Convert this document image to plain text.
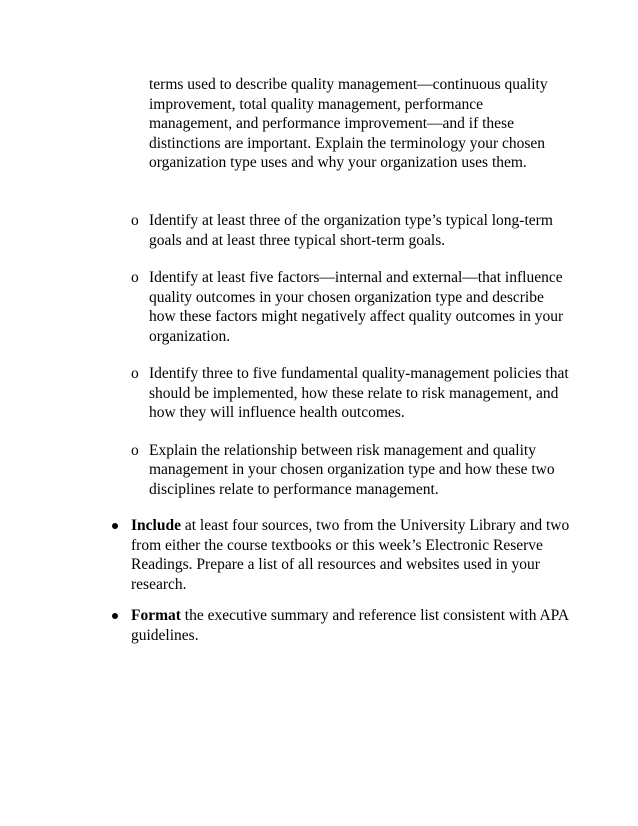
terms used to describe quality management—continuous quality improvement, total quality management, performance management, and performance improvement—and if these distinctions are important. Explain the terminology your chosen organization type uses and why your organization uses them.

o Identify at least three of the organization type’s typical long-term goals and at least three typical short-term goals.
o Identify at least five factors—internal and external—that influence quality outcomes in your chosen organization type and describe how these factors might negatively affect quality outcomes in your organization.
o Identify three to five fundamental quality-management policies that should be implemented, how these relate to risk management, and how they will influence health outcomes.
o Explain the relationship between risk management and quality management in your chosen organization type and how these two disciplines relate to performance management.
Include at least four sources, two from the University Library and two from either the course textbooks or this week’s Electronic Reserve Readings. Prepare a list of all resources and websites used in your research.
Format the executive summary and reference list consistent with APA guidelines.
